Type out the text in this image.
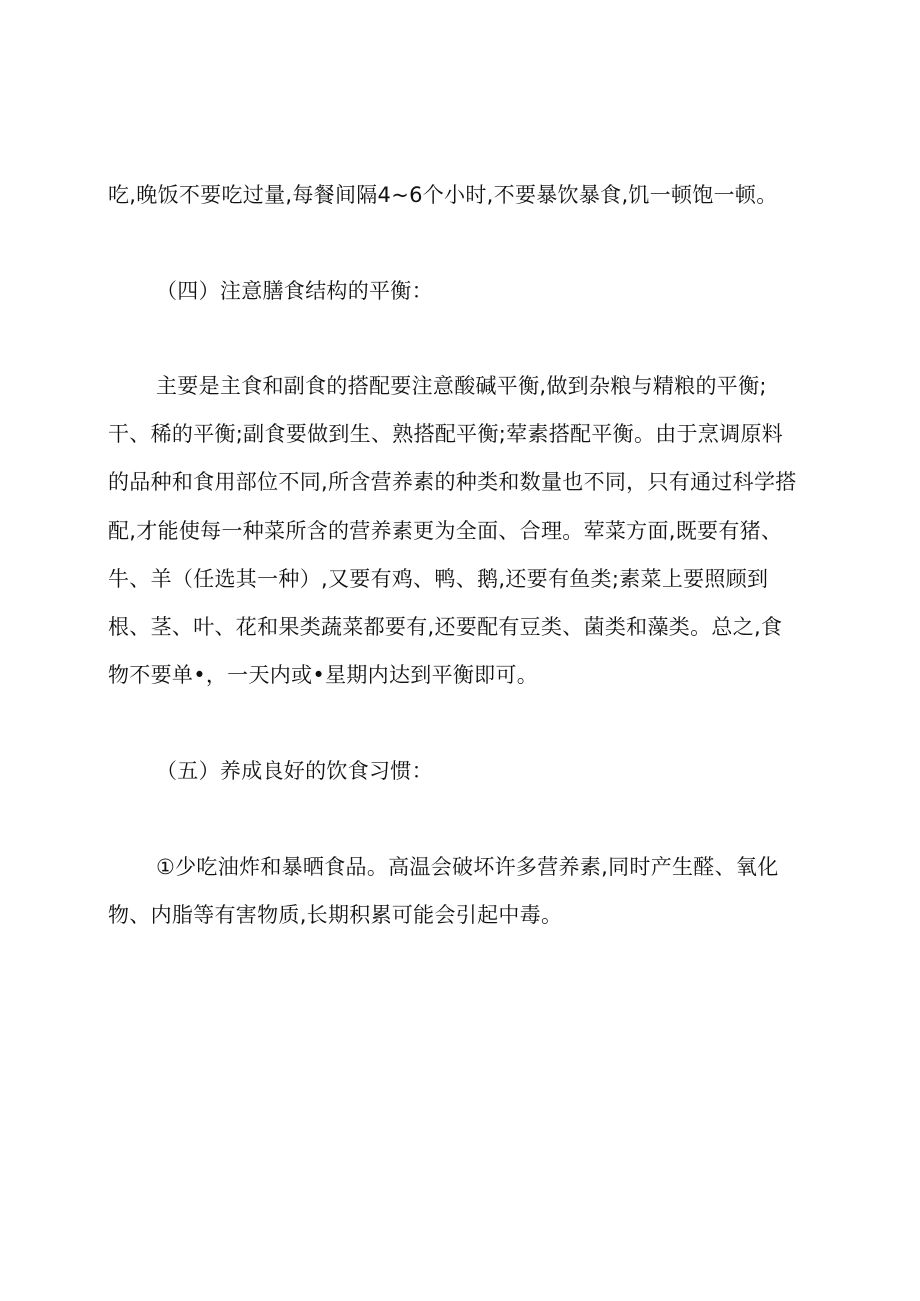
吃,晚饭不要吃过量,每餐间隔4~6个小时,不要暴饮暴食,饥一顿饱一顿。
（四）注意膳食结构的平衡：
主要是主食和副食的搭配要注意酸碱平衡,做到杂粮与精粮的平衡;
干、稀的平衡;副食要做到生、熟搭配平衡;荤素搭配平衡。由于烹调原料
的品种和食用部位不同,所含营养素的种类和数量也不同，只有通过科学搭
配,才能使每一种菜所含的营养素更为全面、合理。荤菜方面,既要有猪、
牛、羊（任选其一种）,又要有鸡、鸭、鹅,还要有鱼类;素菜上要照顾到
根、茎、叶、花和果类蔬菜都要有,还要配有豆类、菌类和藻类。总之,食
物不要单•，一天内或•星期内达到平衡即可。
（五）养成良好的饮食习惯：
①少吃油炸和暴晒食品。高温会破坏许多营养素,同时产生醛、氧化
物、内脂等有害物质,长期积累可能会引起中毒。
